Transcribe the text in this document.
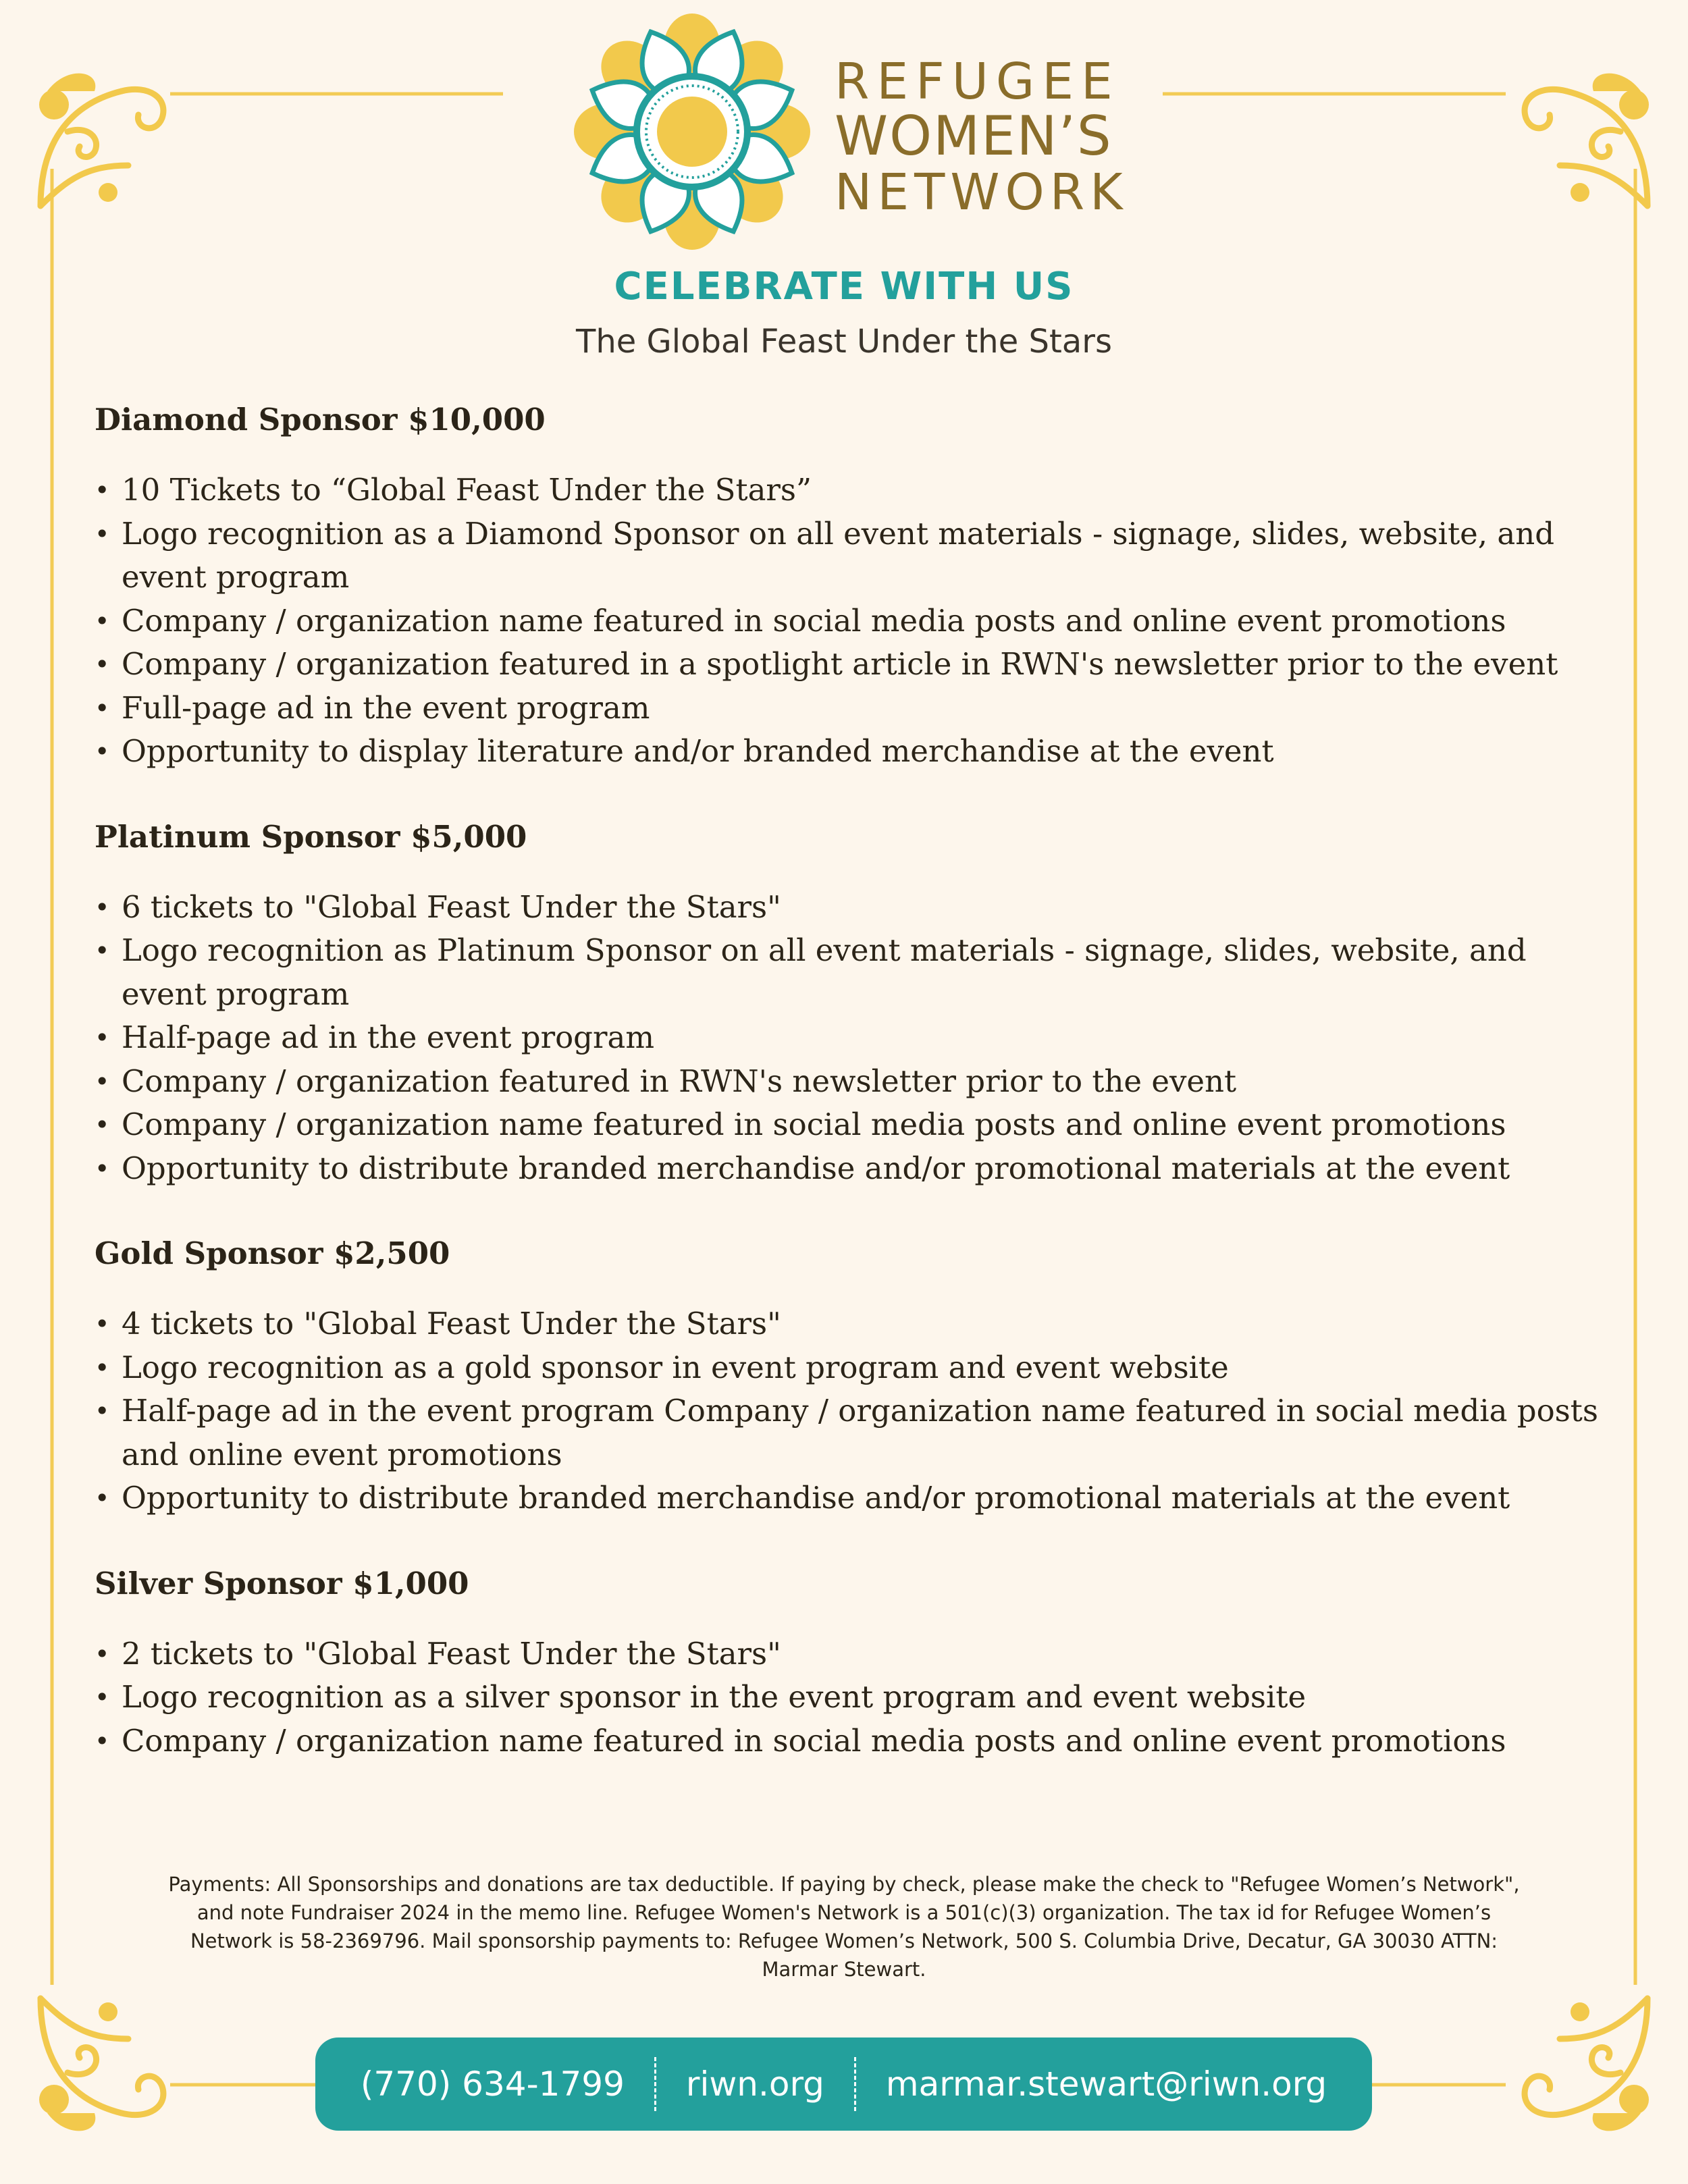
REFUGEE
WOMEN’S
NETWORK
CELEBRATE WITH US
The Global Feast Under the Stars
Diamond Sponsor $10,000
• 10 Tickets to “Global Feast Under the Stars”
• Logo recognition as a Diamond Sponsor on all event materials - signage, slides, website, and event program
• Company / organization name featured in social media posts and online event promotions
• Company / organization featured in a spotlight article in RWN's newsletter prior to the event
• Full-page ad in the event program
• Opportunity to display literature and/or branded merchandise at the event
Platinum Sponsor $5,000
• 6 tickets to "Global Feast Under the Stars"
• Logo recognition as Platinum Sponsor on all event materials - signage, slides, website, and event program
• Half-page ad in the event program
• Company / organization featured in RWN's newsletter prior to the event
• Company / organization name featured in social media posts and online event promotions
• Opportunity to distribute branded merchandise and/or promotional materials at the event
Gold Sponsor $2,500
• 4 tickets to "Global Feast Under the Stars"
• Logo recognition as a gold sponsor in event program and event website
• Half-page ad in the event program Company / organization name featured in social media posts and online event promotions
• Opportunity to distribute branded merchandise and/or promotional materials at the event
Silver Sponsor $1,000
• 2 tickets to "Global Feast Under the Stars"
• Logo recognition as a silver sponsor in the event program and event website
• Company / organization name featured in social media posts and online event promotions
Payments: All Sponsorships and donations are tax deductible. If paying by check, please make the check to "Refugee Women’s Network", and note Fundraiser 2024 in the memo line. Refugee Women's Network is a 501(c)(3) organization. The tax id for Refugee Women’s Network is 58-2369796. Mail sponsorship payments to: Refugee Women’s Network, 500 S. Columbia Drive, Decatur, GA 30030 ATTN: Marmar Stewart.
(770) 634-1799	riwn.org	marmar.stewart@riwn.org
